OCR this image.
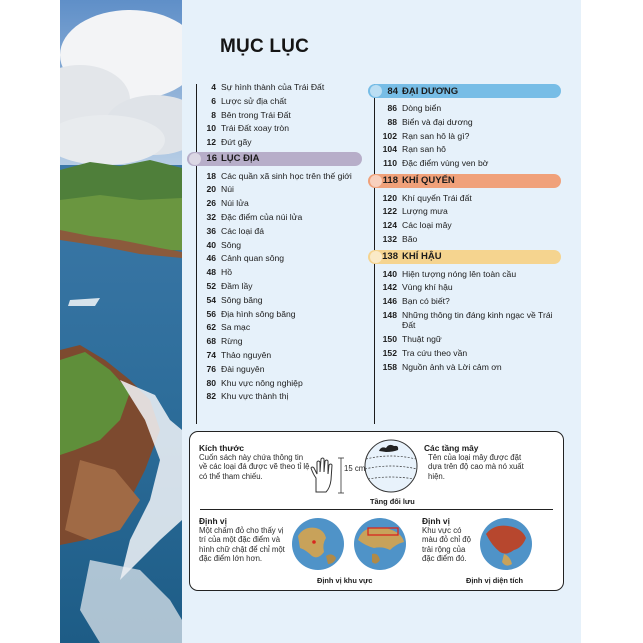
MỤC LỤC
4 Sự hình thành của Trái Đất
6 Lược sử địa chất
8 Bên trong Trái Đất
10 Trái Đất xoay tròn
12 Đứt gãy
16 LỤC ĐỊA
18 Các quần xã sinh học trên thế giới
20 Núi
26 Núi lửa
32 Đặc điểm của núi lửa
36 Các loại đá
40 Sông
46 Cảnh quan sông
48 Hồ
52 Đầm lầy
54 Sông băng
56 Địa hình sông băng
62 Sa mạc
68 Rừng
74 Thảo nguyên
76 Đài nguyên
80 Khu vực nông nghiệp
82 Khu vực thành thị
84 ĐẠI DƯƠNG
86 Dòng biển
88 Biển và đại dương
102 Rạn san hô là gì?
104 Rạn san hô
110 Đặc điểm vùng ven bờ
118 KHÍ QUYỂN
120 Khí quyển Trái đất
122 Lượng mưa
124 Các loại mây
132 Bão
138 KHÍ HẬU
140 Hiện tượng nóng lên toàn cầu
142 Vùng khí hậu
146 Bạn có biết?
148 Những thông tin đáng kinh ngạc về Trái Đất
150 Thuật ngữ
152 Tra cứu theo vần
158 Nguồn ảnh và Lời cảm ơn
Kích thước
Cuốn sách này chứa thông tin về các loại đá được vẽ theo tỉ lệ có thể tham chiếu.
15 cm
Các tầng mây
Tên của loại mây được đặt dựa trên độ cao mà nó xuất hiện.
Tầng đối lưu
Định vị
Một chấm đỏ cho thấy vị trí của một đặc điểm và hình chữ chật để chỉ một đặc điểm lớn hơn.
Định vị khu vực
Định vị
Khu vực có màu đỏ chỉ độ trải rộng của đặc điểm đó.
Định vị diện tích
